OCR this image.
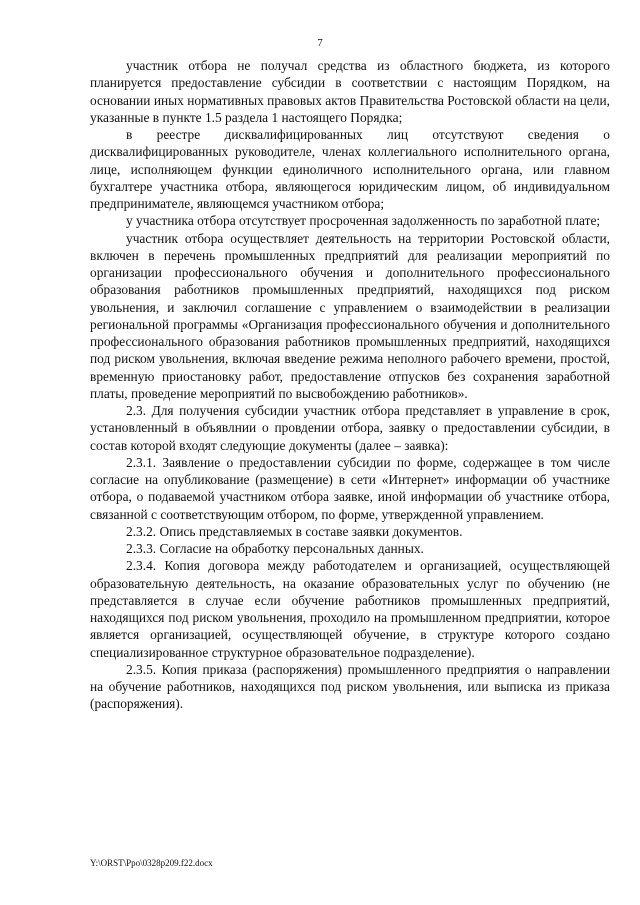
7

участник отбора не получал средства из областного бюджета, из которого планируется предоставление субсидии в соответствии с настоящим Порядком, на основании иных нормативных правовых актов Правительства Ростовской области на цели, указанные в пункте 1.5 раздела 1 настоящего Порядка;

в реестре дисквалифицированных лиц отсутствуют сведения о дисквалифицированных руководителе, членах коллегиального исполнительного органа, лице, исполняющем функции единоличного исполнительного органа, или главном бухгалтере участника отбора, являющегося юридическим лицом, об индивидуальном предпринимателе, являющемся участником отбора;

у участника отбора отсутствует просроченная задолженность по заработной плате;

участник отбора осуществляет деятельность на территории Ростовской области, включен в перечень промышленных предприятий для реализации мероприятий по организации профессионального обучения и дополнительного профессионального образования работников промышленных предприятий, находящихся под риском увольнения, и заключил соглашение с управлением о взаимодействии в реализации региональной программы «Организация профессионального обучения и дополнительного профессионального образования работников промышленных предприятий, находящихся под риском увольнения, включая введение режима неполного рабочего времени, простой, временную приостановку работ, предоставление отпусков без сохранения заработной платы, проведение мероприятий по высвобождению работников».

2.3. Для получения субсидии участник отбора представляет в управление в срок, установленный в объявлнии о провдении отбора, заявку о предоставлении субсидии, в состав которой входят следующие документы (далее – заявка):

2.3.1. Заявление о предоставлении субсидии по форме, содержащее в том числе согласие на опубликование (размещение) в сети «Интернет» информации об участнике отбора, о подаваемой участником отбора заявке, иной информации об участнике отбора, связанной с соответствующим отбором, по форме, утвержденной управлением.

2.3.2. Опись представляемых в составе заявки документов.

2.3.3. Согласие на обработку персональных данных.

2.3.4. Копия договора между работодателем и организацией, осуществляющей образовательную деятельность, на оказание образовательных услуг по обучению (не представляется в случае если обучение работников промышленных предприятий, находящихся под риском увольнения, проходило на промышленном предприятии, которое является организацией, осуществляющей обучение, в структуре которого создано специализированное структурное образовательное подразделение).

2.3.5. Копия приказа (распоряжения) промышленного предприятия о направлении на обучение работников, находящихся под риском увольнения, или выписка из приказа (распоряжения).

Y:\ORST\Ppo\0328p209.f22.docx
